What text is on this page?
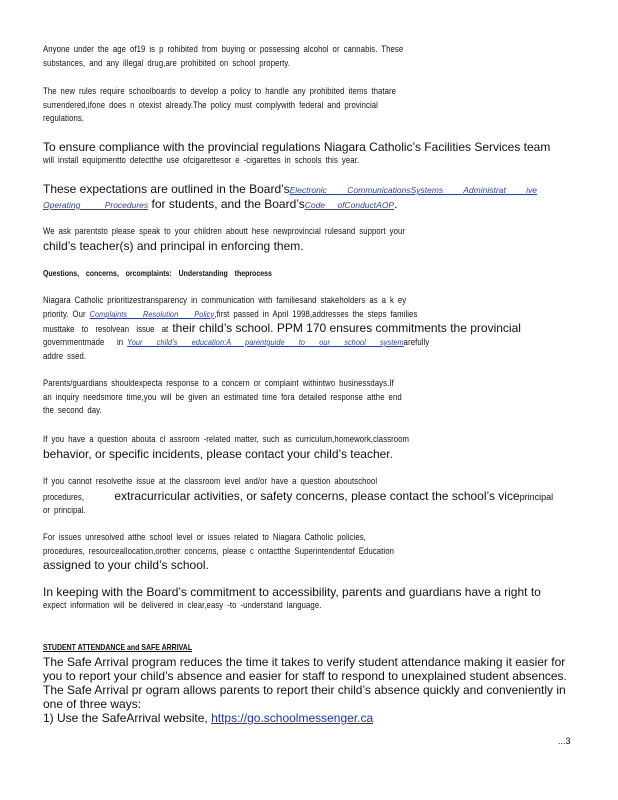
Anyone under the age of19 is p rohibited from buying or possessing alcohol or cannabis. These
substances, and any illegal drug,are prohibited on school property.
The new rules require schoolboards to develop a policy to handle any prohibited items thatare
surrendered,ifone does n otexist already.The policy must complywith federal and provincial
regulations.
To ensure compliance with the provincial regulations Niagara Catholic’s Facilities Services team
will install equipmentto detectthe use ofcigarettesor e -cigarettes in schools this year.
These expectations are outlined in the Board’sElectronic CommunicationsSystems Administrat ive
Operating Procedures for students, and the Board’sCode ofConductAOP.
We ask parentsto please speak to your children aboutt hese newprovincial rulesand support your
child’s teacher(s) and principal in enforcing them.
Questions, concerns, orcomplaints: Understanding theprocess
Niagara Catholic prioritizestransparency in communication with familiesand stakeholders as a k ey
priority. Our Complaints Resolution Policy,first passed in April 1998,addresses the steps families
musttake to resolvean issue at their child’s school. PPM 170 ensures commitments the provincial
governmentmade in Your child’s education:A parentguide to our school systemarefully
addre ssed.
Parents/guardians shouldexpecta response to a concern or complaint withintwo businessdays.If
an inquiry needsmore time,you will be given an estimated time fora detailed response atthe end
the second day.
If you have a question abouta cl assroom -related matter, such as curriculum,homework,classroom
behavior, or specific incidents, please contact your child’s teacher.
If you cannot resolvethe issue at the classroom level and/or have a question aboutschool
procedures, extracurricular activities, or safety concerns, please contact the school’s viceprincipal
or principal.
For issues unresolved atthe school level or issues related to Niagara Catholic policies,
procedures, resourceallocation,orother concerns, please c ontactthe Superintendentof Education
assigned to your child’s school.
In keeping with the Board’s commitment to accessibility, parents and guardians have a right to
expect information will be delivered in clear,easy -to -understand language.
STUDENT ATTENDANCE and SAFE ARRIVAL
The Safe Arrival program reduces the time it takes to verify student attendance making it easier for
you to report your child’s absence and easier for staff to respond to unexplained student absences.
The Safe Arrival pr ogram allows parents to report their child’s absence quickly and conveniently in
one of three ways:
1) Use the SafeArrival website, https://go.schoolmessenger.ca
...3
